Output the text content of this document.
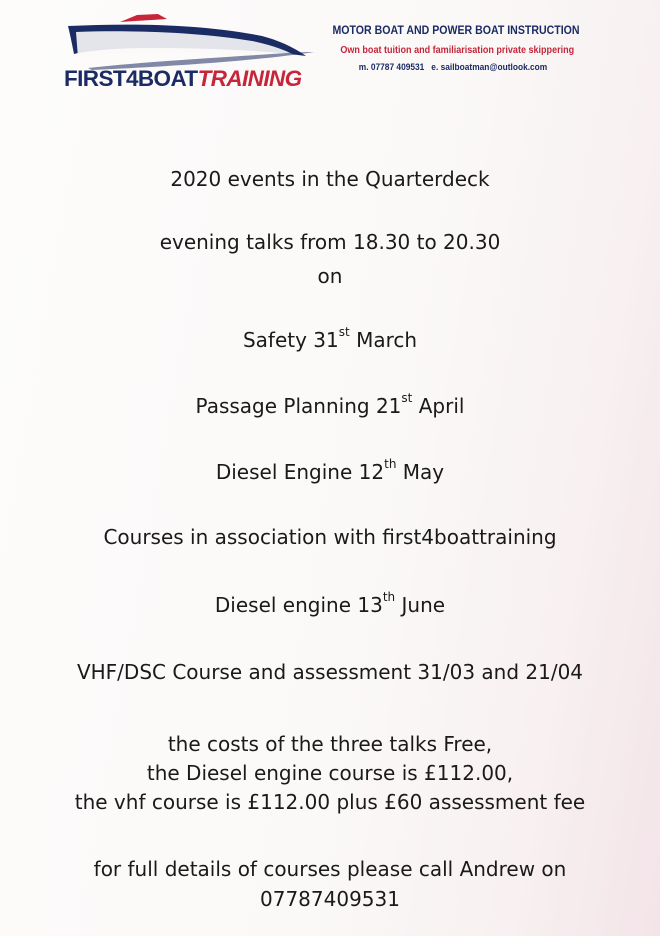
FIRST4BOATTRAINING
MOTOR BOAT AND POWER BOAT INSTRUCTION
Own boat tuition and familiarisation private skippering
m. 07787 409531 e. sailboatman@outlook.com
2020 events in the Quarterdeck
evening talks from 18.30 to 20.30
on
Safety 31st March
Passage Planning 21st April
Diesel Engine 12th May
Courses in association with first4boattraining
Diesel engine 13th June
VHF/DSC Course and assessment 31/03 and 21/04
the costs of the three talks Free,
the Diesel engine course is £112.00,
the vhf course is £112.00 plus £60 assessment fee
for full details of courses please call Andrew on
07787409531
